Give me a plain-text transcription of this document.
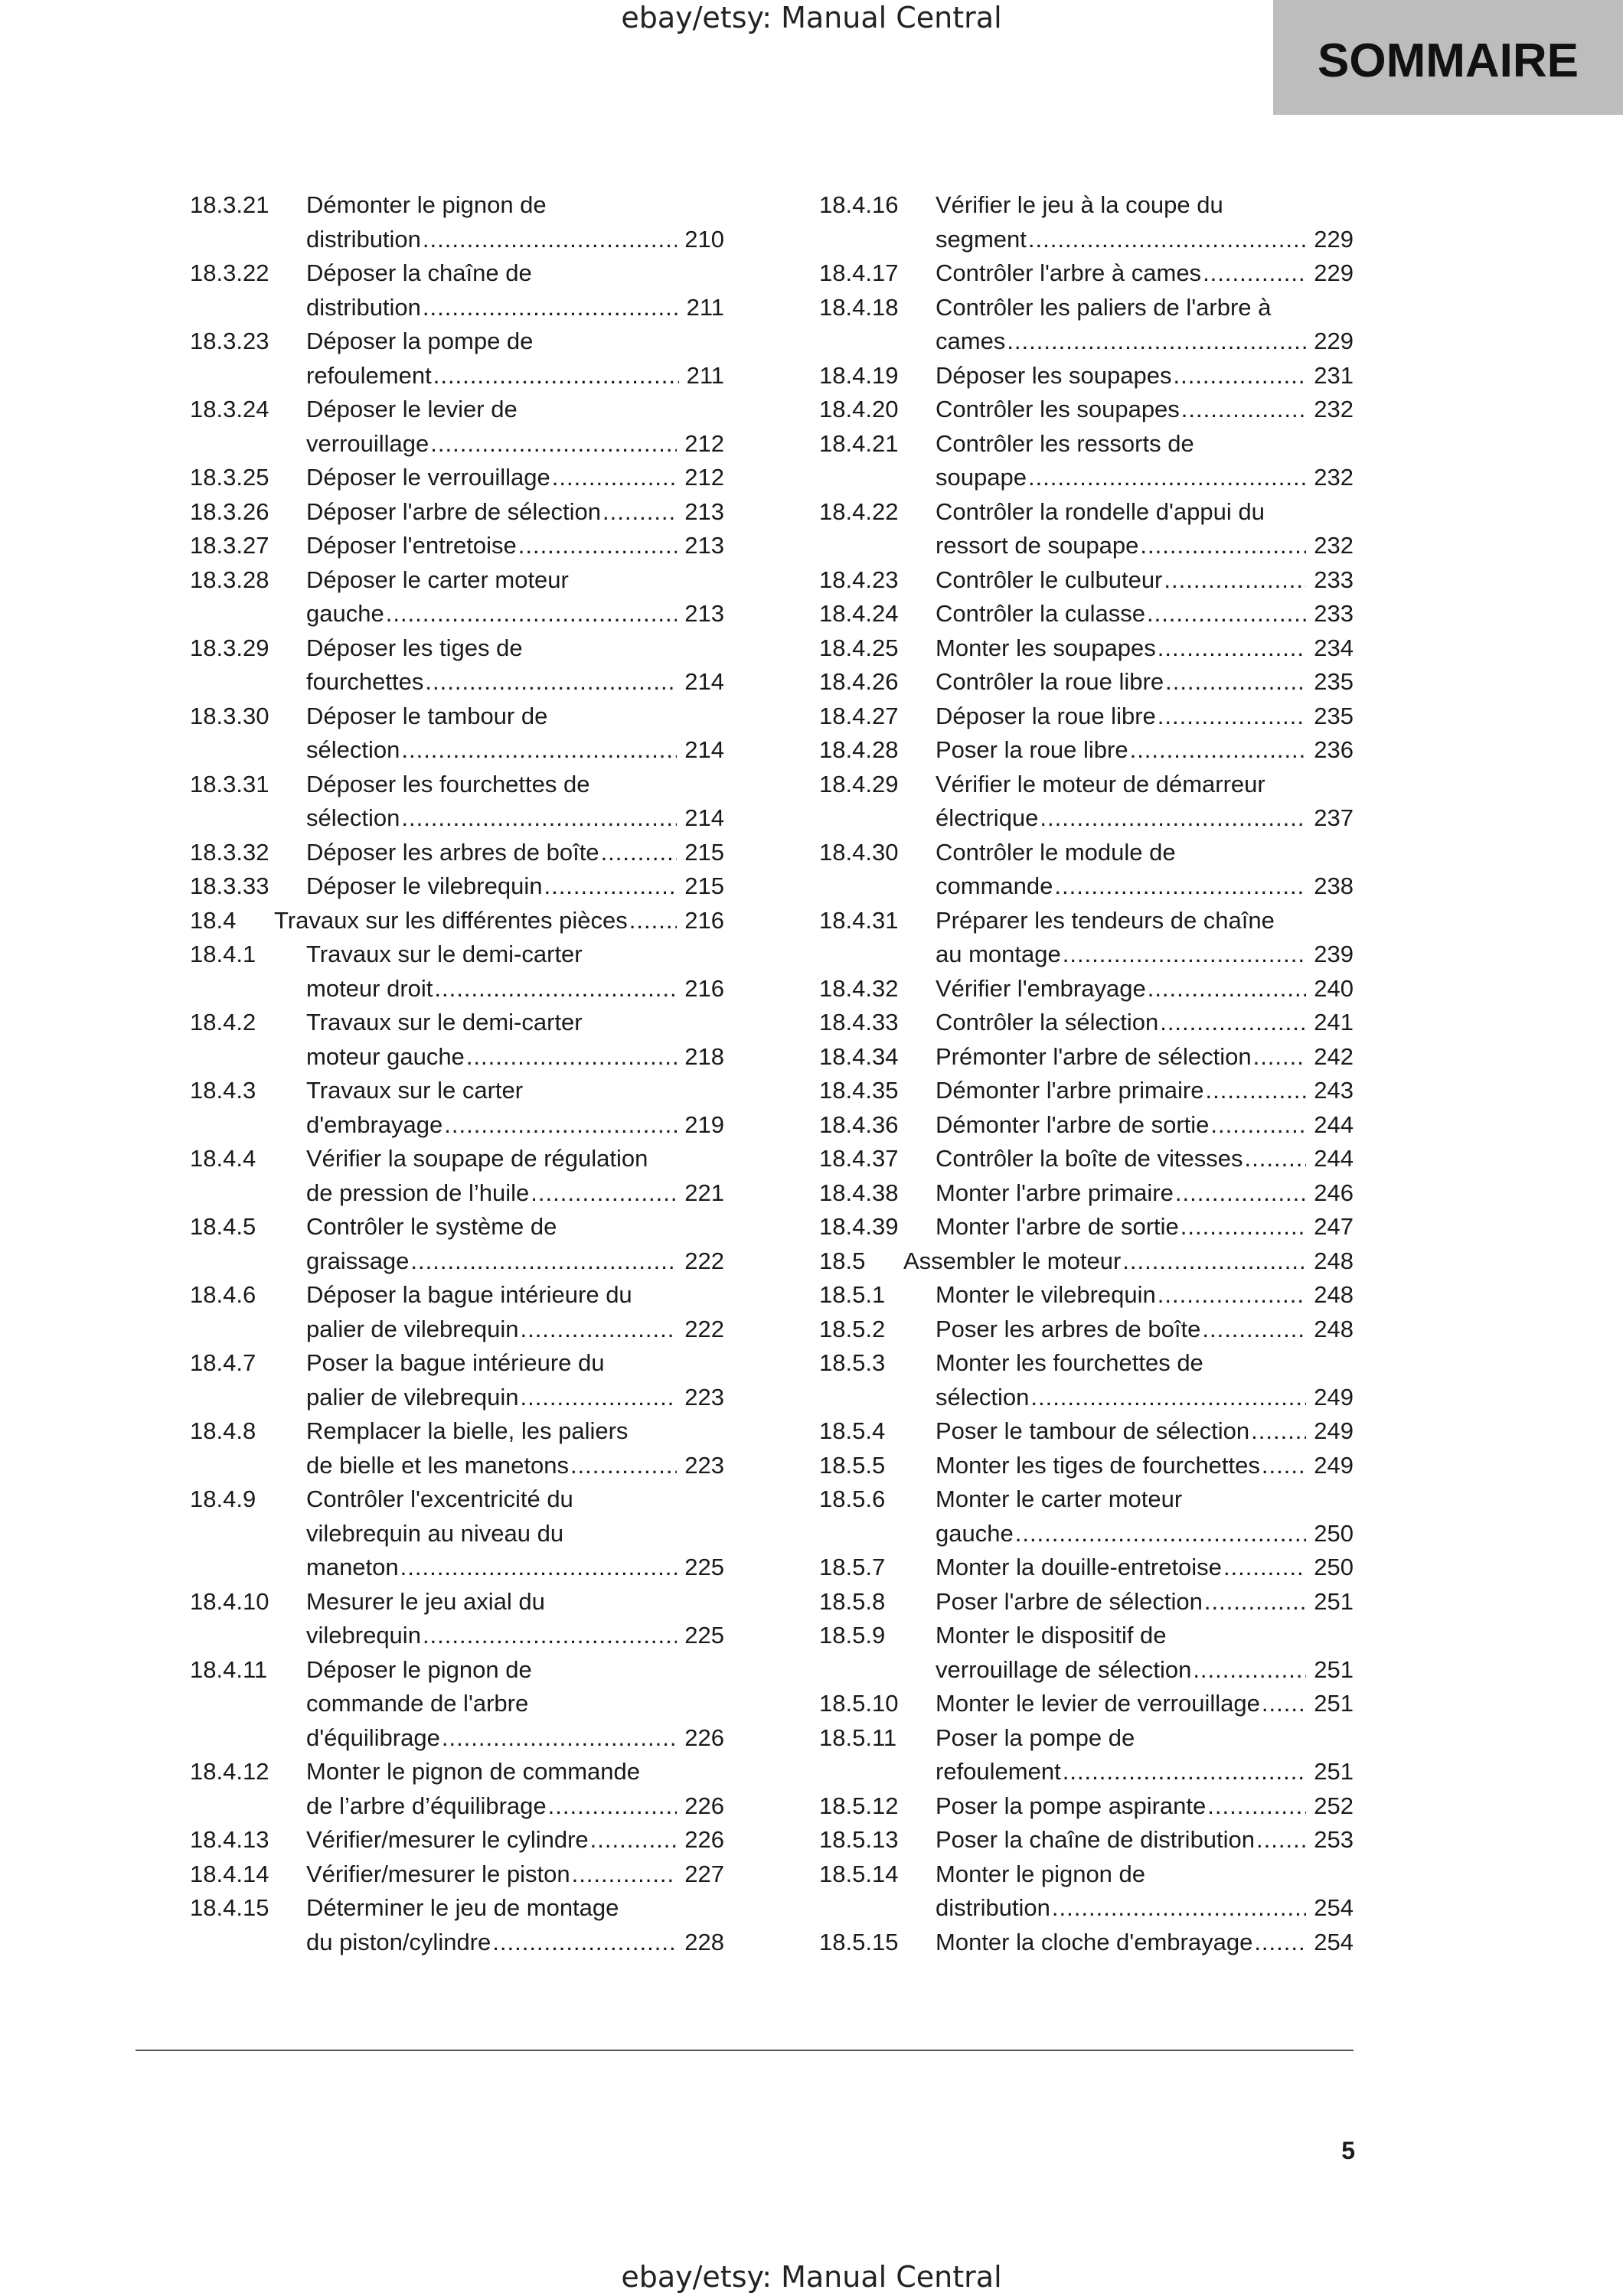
ebay/etsy: Manual Central
SOMMAIRE
18.3.21 Démonter le pignon de
distribution .....	210
18.3.22 Déposer la chaîne de
distribution .....	211
18.3.23 Déposer la pompe de
refoulement .....	211
18.3.24 Déposer le levier de
verrouillage .....	212
18.3.25 Déposer le verrouillage .....	212
18.3.26 Déposer l'arbre de sélection .....	213
18.3.27 Déposer l'entretoise .....	213
18.3.28 Déposer le carter moteur
gauche .....	213
18.3.29 Déposer les tiges de
fourchettes .....	214
18.3.30 Déposer le tambour de
sélection .....	214
18.3.31 Déposer les fourchettes de
sélection .....	214
18.3.32 Déposer les arbres de boîte .....	215
18.3.33 Déposer le vilebrequin .....	215
18.4 Travaux sur les différentes pièces ..... 216
18.4.1 Travaux sur le demi-carter
moteur droit .....	216
18.4.2 Travaux sur le demi-carter
moteur gauche .....	218
18.4.3 Travaux sur le carter
d'embrayage .....	219
18.4.4 Vérifier la soupape de régulation
de pression de l’huile .....	221
18.4.5 Contrôler le système de
graissage .....	222
18.4.6 Déposer la bague intérieure du
palier de vilebrequin .....	222
18.4.7 Poser la bague intérieure du
palier de vilebrequin .....	223
18.4.8 Remplacer la bielle, les paliers
de bielle et les manetons .....	223
18.4.9 Contrôler l'excentricité du
vilebrequin au niveau du
maneton .....	225
18.4.10 Mesurer le jeu axial du
vilebrequin .....	225
18.4.11 Déposer le pignon de
commande de l'arbre
d'équilibrage .....	226
18.4.12 Monter le pignon de commande
de l’arbre d’équilibrage .....	226
18.4.13 Vérifier/mesurer le cylindre .....	226
18.4.14 Vérifier/mesurer le piston .....	227
18.4.15 Déterminer le jeu de montage
du piston/cylindre .....	228
18.4.16 Vérifier le jeu à la coupe du
segment .....	229
18.4.17 Contrôler l'arbre à cames .....	229
18.4.18 Contrôler les paliers de l'arbre à
cames .....	229
18.4.19 Déposer les soupapes .....	231
18.4.20 Contrôler les soupapes .....	232
18.4.21 Contrôler les ressorts de
soupape .....	232
18.4.22 Contrôler la rondelle d'appui du
ressort de soupape .....	232
18.4.23 Contrôler le culbuteur .....	233
18.4.24 Contrôler la culasse .....	233
18.4.25 Monter les soupapes .....	234
18.4.26 Contrôler la roue libre .....	235
18.4.27 Déposer la roue libre .....	235
18.4.28 Poser la roue libre .....	236
18.4.29 Vérifier le moteur de démarreur
électrique .....	237
18.4.30 Contrôler le module de
commande .....	238
18.4.31 Préparer les tendeurs de chaîne
au montage .....	239
18.4.32 Vérifier l'embrayage .....	240
18.4.33 Contrôler la sélection .....	241
18.4.34 Prémonter l'arbre de sélection .....	242
18.4.35 Démonter l'arbre primaire .....	243
18.4.36 Démonter l'arbre de sortie .....	244
18.4.37 Contrôler la boîte de vitesses .....	244
18.4.38 Monter l'arbre primaire .....	246
18.4.39 Monter l'arbre de sortie .....	247
18.5 Assembler le moteur .....	248
18.5.1 Monter le vilebrequin .....	248
18.5.2 Poser les arbres de boîte .....	248
18.5.3 Monter les fourchettes de
sélection .....	249
18.5.4 Poser le tambour de sélection .....	249
18.5.5 Monter les tiges de fourchettes ..... 249
18.5.6 Monter le carter moteur
gauche .....	250
18.5.7 Monter la douille-entretoise .....	250
18.5.8 Poser l'arbre de sélection .....	251
18.5.9 Monter le dispositif de
verrouillage de sélection .....	251
18.5.10 Monter le levier de verrouillage ..... 251
18.5.11 Poser la pompe de
refoulement .....	251
18.5.12 Poser la pompe aspirante .....	252
18.5.13 Poser la chaîne de distribution ..... 253
18.5.14 Monter le pignon de
distribution .....	254
18.5.15 Monter la cloche d'embrayage .....	254
5
ebay/etsy: Manual Central
